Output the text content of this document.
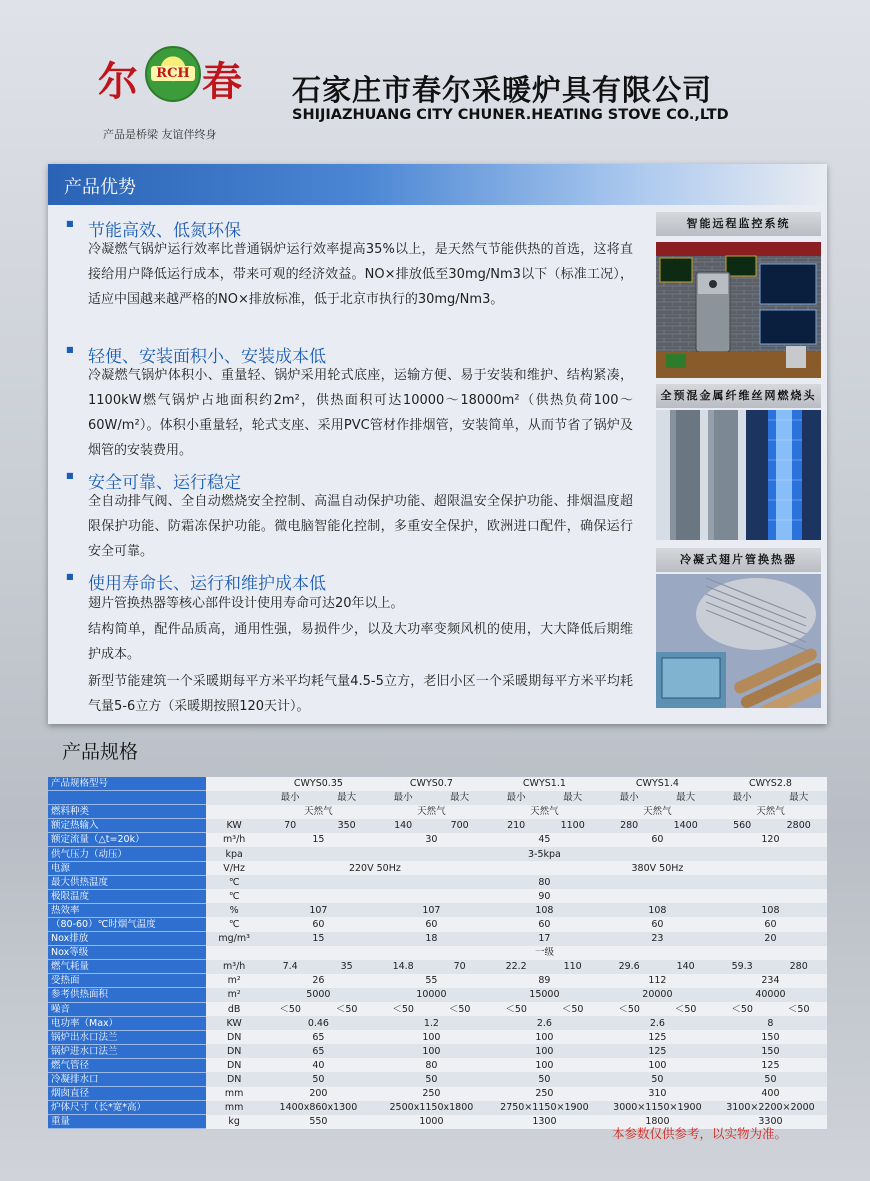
尔	RCH 春
产品是桥梁 友谊伴终身
石家庄市春尔采暖炉具有限公司
SHIJIAZHUANG CITY CHUNER.HEATING STOVE CO.,LTD
产品优势
■ 节能高效、低氮环保
冷凝燃气锅炉运行效率比普通锅炉运行效率提高35%以上，是天然气节能供热的首选，这将直接给用户降低运行成本，带来可观的经济效益。NO×排放低至30mg/Nm3以下（标准工况），适应中国越来越严格的NO×排放标准，低于北京市执行的30mg/Nm3。
■ 轻便、安装面积小、安装成本低
冷凝燃气锅炉体积小、重量轻、锅炉采用轮式底座，运输方便、易于安装和维护、结构紧凑，1100kW燃气锅炉占地面积约2m²，供热面积可达10000～18000m²（供热负荷100～60W/m²）。体积小重量轻，轮式支座、采用PVC管材作排烟管，安装简单，从而节省了锅炉及烟管的安装费用。
■ 安全可靠、运行稳定
全自动排气阀、全自动燃烧安全控制、高温自动保护功能、超限温安全保护功能、排烟温度超限保护功能、防霜冻保护功能。微电脑智能化控制，多重安全保护，欧洲进口配件，确保运行安全可靠。
■ 使用寿命长、运行和维护成本低
翅片管换热器等核心部件设计使用寿命可达20年以上。
结构简单，配件品质高，通用性强，易损件少，以及大功率变频风机的使用，大大降低后期维护成本。
新型节能建筑一个采暖期每平方米平均耗气量4.5-5立方，老旧小区一个采暖期每平方米平均耗气量5-6立方（采暖期按照120天计）。
智能远程监控系统
全预混金属纤维丝网燃烧头
冷凝式翅片管换热器
产品规格
产品规格型号		CWYS0.35		CWYS0.7		CWYS1.1		CWYS1.4		CWYS2.8	
		最小	最大	最小	最大	最小	最大	最小	最大	最小	最大
燃料种类		天然气		天然气		天然气		天然气		天然气	
额定热输入	KW	70	350	140	700	210	1100	280	1400	560	2800
额定流量（△t=20k）	m³/h	15		30		45		60		120	
供气压力（动压）	kpa	3-5kpa									
电源	V/Hz	220V 50Hz				380V 50Hz					
最大供热温度	℃	80									
极限温度	℃	90									
热效率	%	107		107		108		108		108	
（80-60）℃时烟气温度	℃	60		60		60		60		60	
Nox排放	mg/m³	15		18		17		23		20	
Nox等级		一级									
燃气耗量	m³/h	7.4	35	14.8	70	22.2	110	29.6	140	59.3	280
受热面	m²	26		55		89		112		234	
参考供热面积	m²	5000		10000		15000		20000		40000	
噪音	dB	＜50	＜50	＜50	＜50	＜50	＜50	＜50	＜50	＜50	＜50
电功率（Max）	KW	0.46		1.2		2.6		2.6		8	
锅炉出水口法兰	DN	65		100		100		125		150	
锅炉进水口法兰	DN	65		100		100		125		150	
燃气管径	DN	40		80		100		100		125	
冷凝排水口	DN	50		50		50		50		50	
烟囱直径	mm	200		250		250		310		400	
炉体尺寸（长*宽*高）	mm	1400x860x1300		2500x1150x1800		2750×1150×1900		3000×1150×1900		3100×2200×2000	
重量	kg	550		1000		1300		1800		3300	
本参数仅供参考，以实物为准。
